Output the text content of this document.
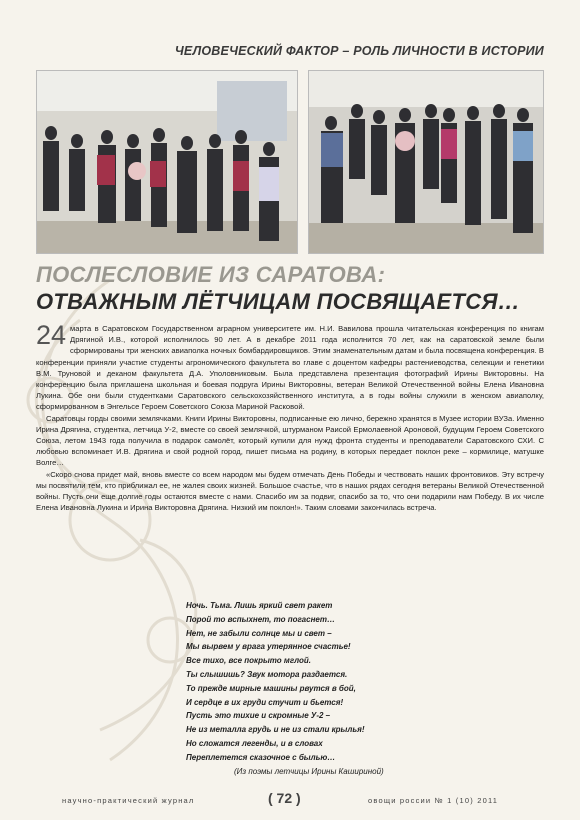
ЧЕЛОВЕЧЕСКИЙ ФАКТОР – РОЛЬ ЛИЧНОСТИ В ИСТОРИИ
ПОСЛЕСЛОВИЕ ИЗ САРАТОВА:
ОТВАЖНЫМ ЛЁТЧИЦАМ ПОСВЯЩАЕТСЯ…

24 марта в Саратовском Государственном аграрном университете им. Н.И. Вавилова прошла читательская конференция по книгам Дрягиной И.В., которой исполнилось 90 лет. А в декабре 2011 года исполнится 70 лет, как на саратовской земле были сформированы три женских авиаполка ночных бомбардировщиков. Этим знаменательным датам и была посвящена конференция. В конференции приняли участие студенты агрономического факультета во главе с доцентом кафедры растениеводства, селекции и генетики В.М. Труновой и деканом факультета Д.А. Уполовниковым. Была представлена презентация фотографий Ирины Викторовны. На конференцию была приглашена школьная и боевая подруга Ирины Викторовны, ветеран Великой Отечественной войны Елена Ивановна Лукина. Обе они были студентками Саратовского сельскохозяйственного института, а в годы войны служили в женском авиаполку, сформированном в Энгельсе Героем Советского Союза Мариной Расковой.

Саратовцы горды своими землячками. Книги Ирины Викторовны, подписанные ею лично, бережно хранятся в Музее истории ВУЗа. Именно Ирина Дрягина, студентка, летчица У-2, вместе со своей землячкой, штурманом Раисой Ермолаевной Ароновой, будущим Героем Советского Союза, летом 1943 года получила в подарок самолёт, который купили для нужд фронта студенты и преподаватели Саратовского СХИ. С любовью вспоминает И.В. Дрягина и свой родной город, пишет письма на родину, в которых передает поклон реке – кормилице, матушке Волге…

«Скоро снова придет май, вновь вместе со всем народом мы будем отмечать День Победы и чествовать наших фронтовиков. Эту встречу мы посвятили тем, кто приближал ее, не жалея своих жизней. Большое счастье, что в наших рядах сегодня ветераны Великой Отечественной войны. Пусть они еще долгие годы остаются вместе с нами. Спасибо им за подвиг, спасибо за то, что они подарили нам Победу. В их числе Елена Ивановна Лукина и Ирина Викторовна Дрягина. Низкий им поклон!». Таким словами закончилась встреча.

Ночь. Тьма. Лишь яркий свет ракет
Порой то вспыхнет, то погаснет…
Нет, не забыли солнце мы и свет –
Мы вырвем у врага утерянное счастье!
Все тихо, все покрыто мглой.
Ты слышишь? Звук мотора раздается.
То прежде мирные машины рвутся в бой,
И сердце в их груди стучит и бьется!
Пусть это тихие и скромные У-2 –
Не из металла грудь и не из стали крылья!
Но сложатся легенды, и в словах
Переплетется сказочное с былью…
(Из поэмы летчицы Ирины Кашириной)
научно-практический журнал	( 72 )	овощи россии № 1 (10) 2011
